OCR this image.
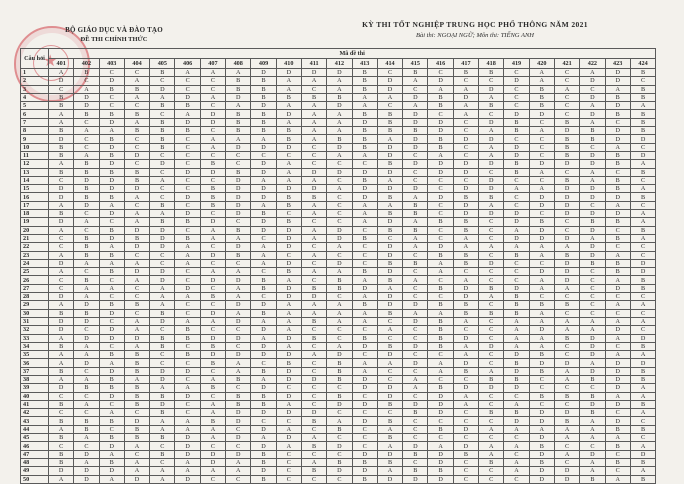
★
BỘ GIÁO DỤC VÀ ĐÀO TẠO
ĐỀ THI CHÍNH THỨC
KỲ THI TỐT NGHIỆP TRUNG HỌC PHỔ THÔNG NĂM 2021
Bài thi: NGOẠI NGỮ; Môn thi: TIẾNG ANH
Câu hỏi	Mã đề thi																							
	401	402	403	404	405	406	407	408	409	410	411	412	413	414	415	416	417	418	419	420	421	422	423	424
1	A	B	C	C	B	A	A	A	D	D	D	D	B	C	B	C	B	B	C	A	C	A	D	B
2	D	C	D	A	C	C	C	B	B	A	A	A	B	D	A	D	C	C	D	A	C	D	D	C
3	C	A	B	B	D	C	C	B	B	A	C	A	B	D	C	A	A	D	C	B	A	C	A	B
4	B	D	C	A	A	D	A	D	B	B	B	B	A	A	D	B	D	A	C	B	C	D	B	B
5	B	D	C	C	B	B	C	A	D	A	A	D	A	C	A	B	A	B	C	B	C	A	D	A
6	A	B	B	B	C	A	D	B	B	D	A	A	B	B	D	C	A	C	D	D	C	D	B	B
7	A	C	D	A	B	D	D	B	B	A	A	A	D	B	D	D	C	D	B	C	B	A	C	B
8	B	A	A	B	B	B	C	B	B	B	A	A	B	B	B	D	C	A	B	A	D	B	D	B
9	D	C	B	C	B	C	A	A	A	B	A	B	B	A	D	B	D	D	C	C	B	B	D	D
10	B	C	D	C	B	C	A	D	D	D	C	D	B	D	D	B	C	A	D	C	B	C	A	C
11	B	A	B	D	C	C	C	C	C	C	C	A	A	D	C	A	C	A	D	C	B	D	B	D
12	A	B	D	C	D	C	B	C	D	A	C	C	C	B	D	D	D	D	B	D	D	D	B	A
13	B	B	B	B	C	D	D	B	D	A	D	D	D	D	C	D	D	C	B	A	C	A	C	B
14	C	D	D	B	A	C	C	D	A	A	A	C	B	A	C	C	C	D	C	C	B	A	B	C
15	D	B	D	D	C	C	B	D	D	D	D	A	D	D	D	C	D	D	A	A	D	D	B	A
16	D	B	B	A	C	D	B	D	D	B	B	C	D	B	A	D	B	B	C	D	D	D	D	B
17	A	D	A	C	B	C	B	D	A	B	A	C	A	A	B	C	D	A	C	D	D	C	A	C
18	B	C	D	A	A	D	C	D	B	C	A	C	A	B	B	C	D	D	D	C	D	D	D	A
19	D	A	C	A	B	B	D	C	D	B	C	C	A	D	A	B	B	C	D	B	C	B	B	A
20	A	C	B	D	D	C	A	B	D	D	A	D	C	B	B	C	B	C	A	D	C	D	C	B
21	C	B	D	B	D	B	A	A	C	D	A	D	B	C	A	C	A	C	D	D	D	A	B	A
22	C	B	A	D	D	A	C	D	A	D	C	A	C	D	A	D	A	A	A	A	A	D	C	C
23	A	B	B	C	C	A	D	B	A	C	A	C	C	D	C	B	B	C	B	A	B	D	A	C
24	D	A	A	A	C	A	C	C	A	D	C	D	C	B	B	A	B	D	C	C	D	B	B	D
25	A	C	B	D	D	C	A	A	C	B	A	A	B	D	C	A	C	C	C	D	D	C	B	D
26	C	B	C	A	D	C	D	D	B	A	C	B	A	B	A	C	A	C	C	A	D	C	A	B
27	C	A	A	C	A	D	C	A	B	D	B	B	D	A	C	B	D	B	D	A	A	C	D	B
28	D	A	C	C	A	A	B	A	C	D	D	C	A	D	C	C	D	A	B	C	C	C	C	C
29	A	D	B	B	A	C	C	D	D	A	A	A	B	D	D	B	B	C	B	B	B	C	A	A
30	B	B	D	C	B	C	D	A	B	A	A	A	A	B	A	A	B	B	B	A	C	C	C	C
31	D	D	C	A	D	A	A	D	A	A	B	A	A	C	D	B	A	C	A	A	A	A	A	A
32	D	C	D	A	C	B	C	C	D	A	C	C	C	A	C	B	C	C	A	D	A	A	D	C
33	A	D	D	D	B	B	D	D	A	D	B	C	B	C	C	B	D	C	A	A	B	D	A	D
34	B	A	C	A	B	C	B	C	D	A	C	A	D	B	D	B	A	D	A	A	C	D	C	B
35	A	A	B	B	C	B	D	D	D	D	A	D	C	D	C	C	A	C	D	B	C	D	A	A
36	A	D	A	B	C	C	B	A	C	B	C	B	A	A	D	A	D	C	B	D	D	A	D	D
37	B	C	D	B	D	D	C	A	B	D	C	B	A	C	C	A	B	A	D	B	A	D	D	B
38	A	A	B	A	D	C	A	B	A	D	D	B	D	C	A	C	C	B	B	C	A	B	D	B
39	D	B	B	B	A	A	B	C	D	C	C	C	D	D	A	B	D	D	D	C	C	C	D	A
40	C	C	D	B	B	D	C	B	B	D	C	B	C	D	C	D	A	C	C	B	B	B	A	A
41	B	A	C	B	D	C	A	B	B	A	C	D	D	B	D	D	A	C	A	C	C	D	D	B
42	C	C	A	C	B	C	A	D	D	D	D	C	C	C	B	D	C	B	B	D	D	B	C	A
43	B	B	B	D	A	A	B	D	C	C	B	A	D	B	C	C	C	C	D	D	B	A	D	C
44	A	B	C	B	A	A	A	C	D	A	C	B	C	A	C	B	D	A	A	A	A	A	B	B
45	B	A	B	B	B	D	A	D	A	D	A	C	C	B	C	C	C	C	C	D	A	A	A	C
46	C	C	D	A	C	D	C	C	D	A	B	D	C	A	D	A	D	A	A	B	C	C	B	A
47	B	D	A	C	B	D	D	D	B	C	C	C	D	D	B	D	B	A	C	D	A	D	C	D
48	B	A	B	A	C	A	D	A	B	C	A	B	B	B	C	D	C	B	A	B	C	A	B	B
49	D	D	D	A	A	A	A	A	D	C	B	D	D	A	B	B	C	C	A	D	D	A	C	A
50	A	D	A	D	A	D	C	C	B	C	C	C	B	D	D	D	C	C	C	D	D	B	A	B
